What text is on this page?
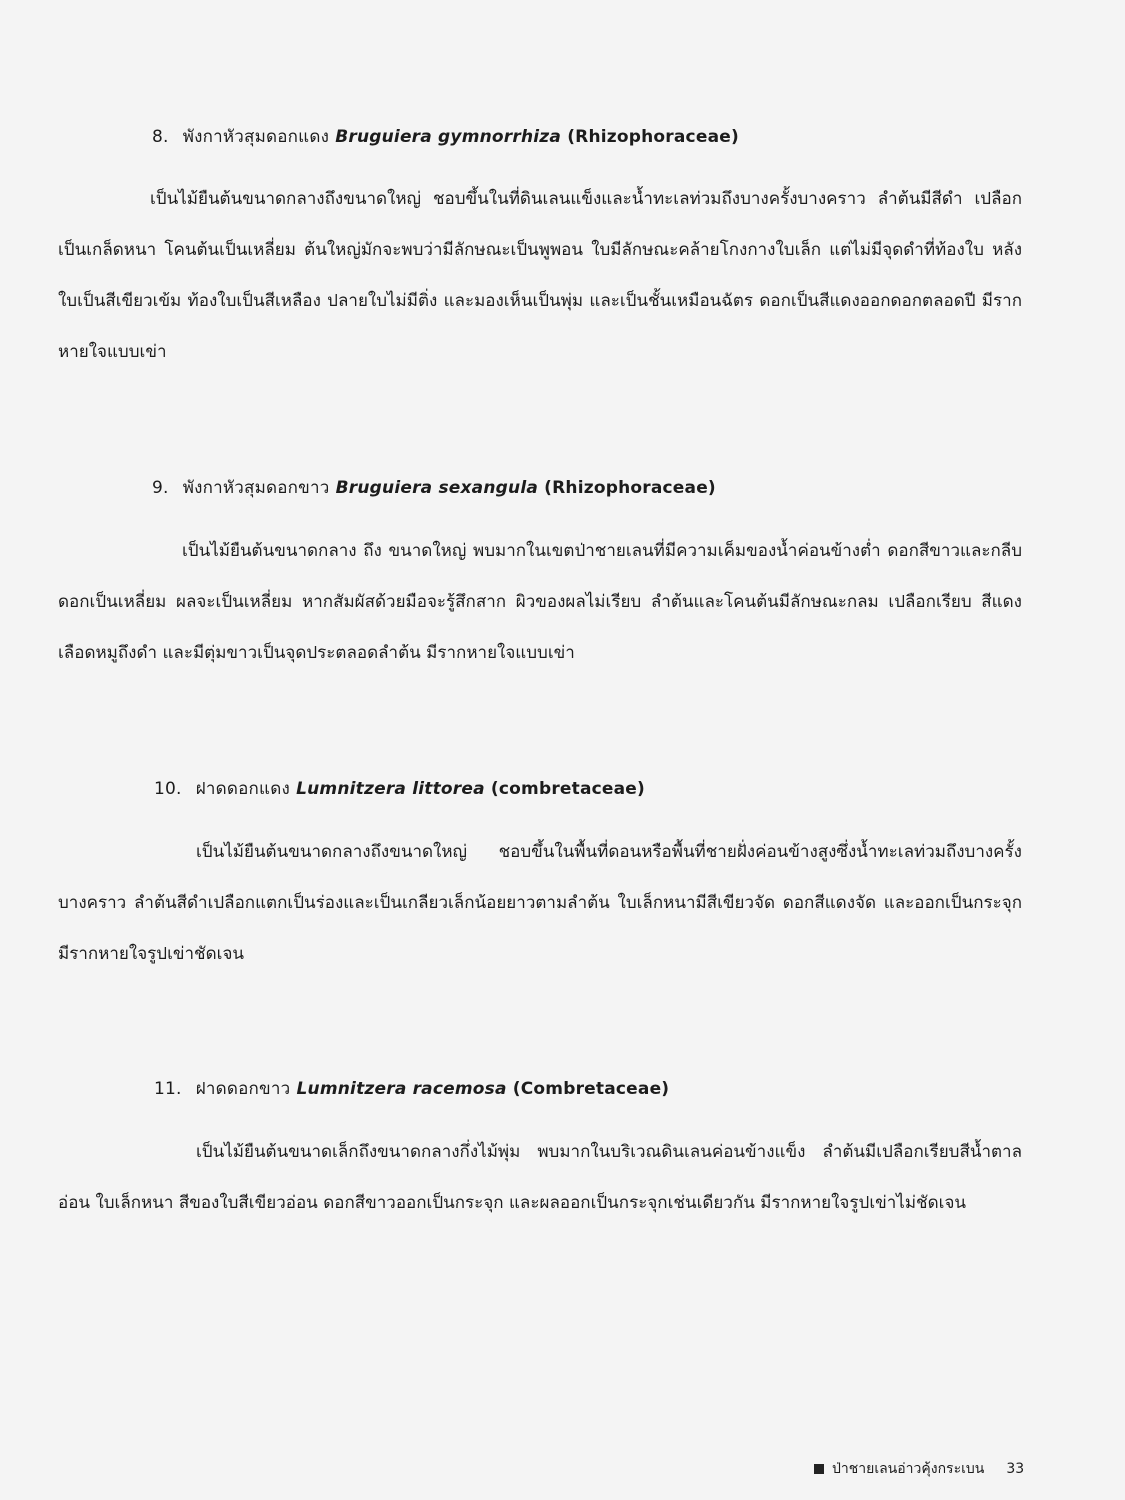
8. พังกาหัวสุมดอกแดง Bruguiera gymnorrhiza (Rhizophoraceae)

เป็นไม้ยืนต้นขนาดกลางถึงขนาดใหญ่ ชอบขึ้นในที่ดินเลนแข็งและน้ำทะเลท่วมถึงบางครั้งบางคราว ลำต้นมีสีดำ เปลือกเป็นเกล็ดหนา โคนต้นเป็นเหลี่ยม ต้นใหญ่มักจะพบว่ามีลักษณะเป็นพูพอน ใบมีลักษณะคล้ายโกงกางใบเล็ก แต่ไม่มีจุดดำที่ท้องใบ หลังใบเป็นสีเขียวเข้ม ท้องใบเป็นสีเหลือง ปลายใบไม่มีติ่ง และมองเห็นเป็นพุ่ม และเป็นชั้นเหมือนฉัตร ดอกเป็นสีแดงออกดอกตลอดปี มีรากหายใจแบบเข่า

9. พังกาหัวสุมดอกขาว Bruguiera sexangula (Rhizophoraceae)

เป็นไม้ยืนต้นขนาดกลาง ถึง ขนาดใหญ่ พบมากในเขตป่าชายเลนที่มีความเค็มของน้ำค่อนข้างต่ำ ดอกสีขาวและกลีบดอกเป็นเหลี่ยม ผลจะเป็นเหลี่ยม หากสัมผัสด้วยมือจะรู้สึกสาก ผิวของผลไม่เรียบ ลำต้นและโคนต้นมีลักษณะกลม เปลือกเรียบ สีแดงเลือดหมูถึงดำ และมีตุ่มขาวเป็นจุดประตลอดลำต้น มีรากหายใจแบบเข่า

10. ฝาดดอกแดง Lumnitzera littorea (combretaceae)

เป็นไม้ยืนต้นขนาดกลางถึงขนาดใหญ่ ชอบขึ้นในพื้นที่ดอนหรือพื้นที่ชายฝั่งค่อนข้างสูงซึ่งน้ำทะเลท่วมถึงบางครั้งบางคราว ลำต้นสีดำเปลือกแตกเป็นร่องและเป็นเกลียวเล็กน้อยยาวตามลำต้น ใบเล็กหนามีสีเขียวจัด ดอกสีแดงจัด และออกเป็นกระจุกมีรากหายใจรูปเข่าชัดเจน

11. ฝาดดอกขาว Lumnitzera racemosa (Combretaceae)

เป็นไม้ยืนต้นขนาดเล็กถึงขนาดกลางกึ่งไม้พุ่ม พบมากในบริเวณดินเลนค่อนข้างแข็ง ลำต้นมีเปลือกเรียบสีน้ำตาลอ่อน ใบเล็กหนา สีของใบสีเขียวอ่อน ดอกสีขาวออกเป็นกระจุก และผลออกเป็นกระจุกเช่นเดียวกัน มีรากหายใจรูปเข่าไม่ชัดเจน

ป่าชายเลนอ่าวคุ้งกระเบน 33
